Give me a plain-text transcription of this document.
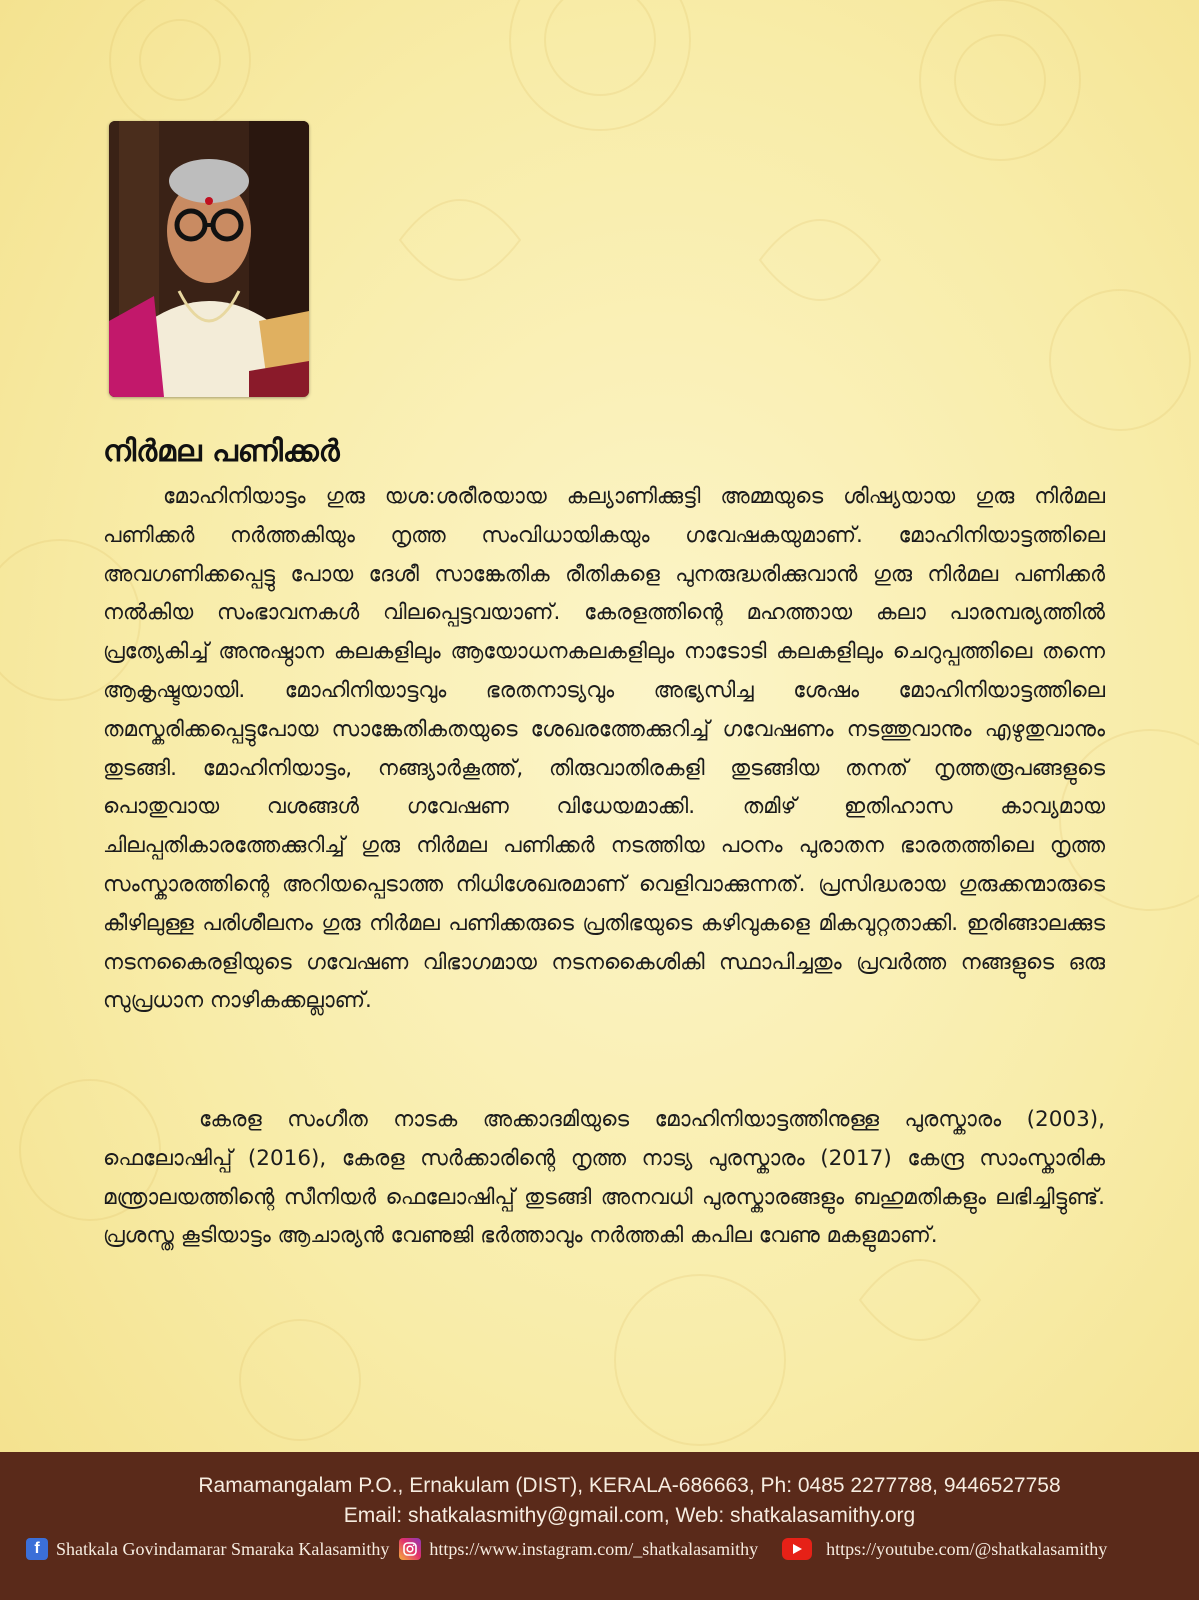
നിർമല പണിക്കർ

മോഹിനിയാട്ടം ഗുരു യശ:ശരീരയായ കല്യാണിക്കുട്ടി അമ്മയുടെ ശിഷ്യയായ ഗുരു നിർമല പണിക്കർ നർത്തകിയും നൃത്ത സംവിധായികയും ഗവേഷകയുമാണ്. മോഹിനിയാട്ടത്തിലെ അവഗണിക്കപ്പെട്ടു പോയ ദേശീ സാങ്കേതിക രീതികളെ പുനരുദ്ധരിക്കുവാൻ ഗുരു നിർമല പണിക്കർ നൽകിയ സംഭാവനകൾ വിലപ്പെട്ടവയാണ്. കേരളത്തിന്റെ മഹത്തായ കലാ പാരമ്പര്യത്തിൽ പ്രത്യേകിച്ച് അനുഷ്ഠാന കലകളിലും ആയോധനകലകളിലും നാടോടി കലകളിലും ചെറുപ്പത്തിലെ തന്നെ ആകൃഷ്ടയായി. മോഹിനിയാട്ടവും ഭരതനാട്യവും അഭ്യസിച്ച ശേഷം മോഹിനിയാട്ടത്തിലെ തമസ്കരിക്കപ്പെട്ടുപോയ സാങ്കേതികതയുടെ ശേഖരത്തേക്കുറിച്ച് ഗവേഷണം നടത്തുവാനും എഴുതുവാനും തുടങ്ങി. മോഹിനിയാട്ടം, നങ്ങ്യാർകൂത്ത്, തിരുവാതിരകളി തുടങ്ങിയ തനത് നൃത്തരൂപങ്ങളുടെ പൊതുവായ വശങ്ങൾ ഗവേഷണ വിധേയമാക്കി. തമിഴ് ഇതിഹാസ കാവ്യമായ ചിലപ്പതികാരത്തേക്കുറിച്ച് ഗുരു നിർമല പണിക്കർ നടത്തിയ പഠനം പുരാതന ഭാരതത്തിലെ നൃത്ത സംസ്കാരത്തിന്റെ അറിയപ്പെടാത്ത നിധിശേഖരമാണ് വെളിവാക്കുന്നത്. പ്രസിദ്ധരായ ഗുരുക്കന്മാരുടെ കീഴിലുള്ള പരിശീലനം ഗുരു നിർമല പണിക്കരുടെ പ്രതിഭയുടെ കഴിവുകളെ മികവുറ്റതാക്കി. ഇരിങ്ങാലക്കുട നടനകൈരളിയുടെ ഗവേഷണ വിഭാഗമായ നടനകൈശികി സ്ഥാപിച്ചതും പ്രവർത്ത നങ്ങളുടെ ഒരു സുപ്രധാന നാഴികക്കല്ലാണ്.

കേരള സംഗീത നാടക അക്കാദമിയുടെ മോഹിനിയാട്ടത്തിനുള്ള പുരസ്കാരം (2003), ഫെലോഷിപ്പ് (2016), കേരള സർക്കാരിന്റെ നൃത്ത നാട്യ പുരസ്കാരം (2017) കേന്ദ്ര സാംസ്കാരിക മന്ത്രാലയത്തിന്റെ സീനിയർ ഫെലോഷിപ്പ് തുടങ്ങി അനവധി പുരസ്കാരങ്ങളും ബഹുമതികളും ലഭിച്ചിട്ടുണ്ട്. പ്രശസ്ത കൂടിയാട്ടം ആചാര്യൻ വേണുജി ഭർത്താവും നർത്തകി കപില വേണു മകളുമാണ്.

Ramamangalam P.O., Ernakulam (DIST), KERALA-686663, Ph: 0485 2277788, 9446527758
Email: shatkalasmithy@gmail.com, Web: shatkalasamithy.org
f Shatkala Govindamarar Smaraka Kalasamithy https://www.instagram.com/_shatkalasamithy	https://youtube.com/@shatkalasamithy
